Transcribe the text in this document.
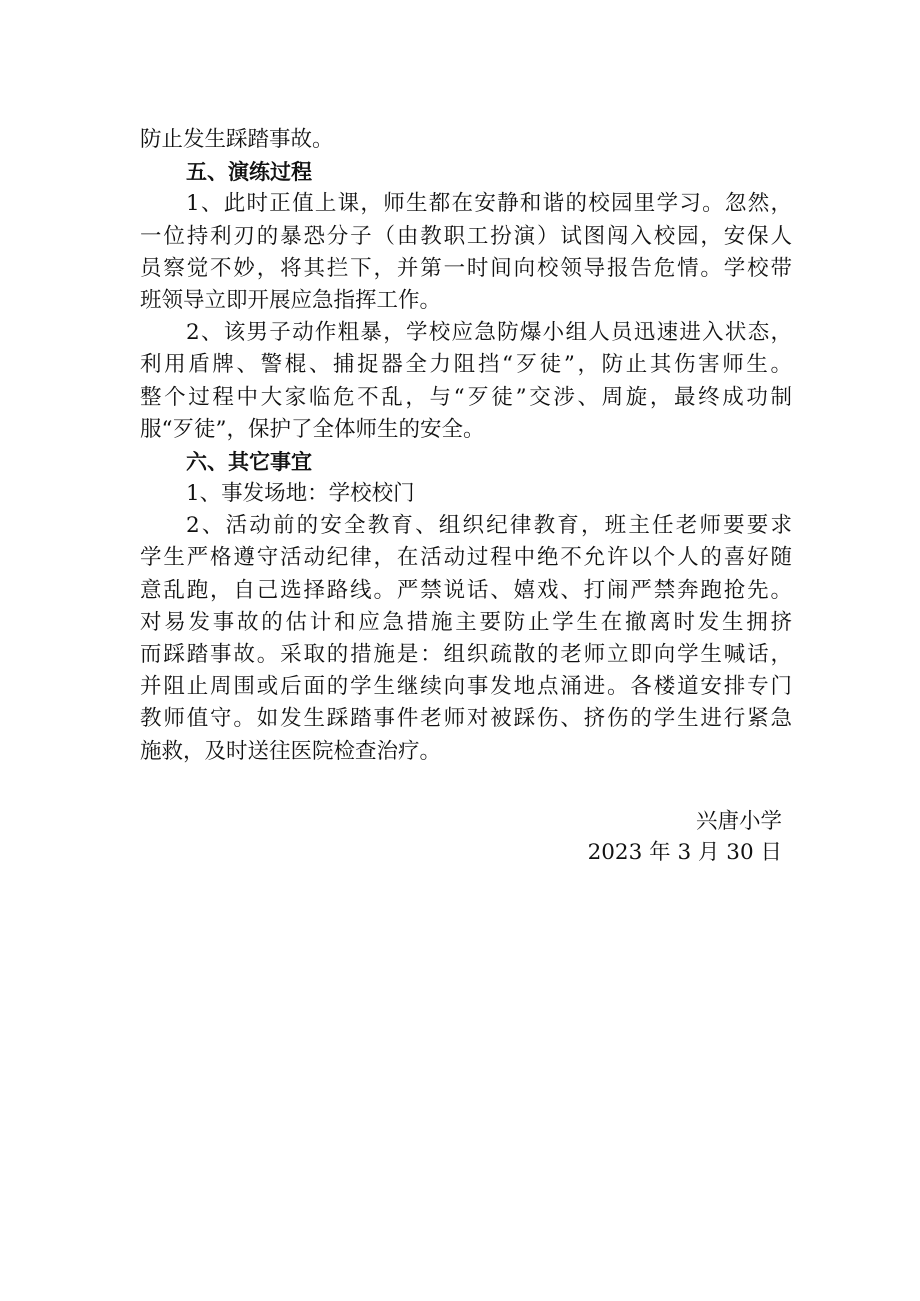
防止发生踩踏事故。
五、演练过程
1、此时正值上课，师生都在安静和谐的校园里学习。忽然，
一位持利刃的暴恐分子（由教职工扮演）试图闯入校园，安保人
员察觉不妙，将其拦下，并第一时间向校领导报告危情。学校带
班领导立即开展应急指挥工作。
2、该男子动作粗暴，学校应急防爆小组人员迅速进入状态，
利用盾牌、警棍、捕捉器全力阻挡“歹徒”，防止其伤害师生。
整个过程中大家临危不乱，与“歹徒”交涉、周旋，最终成功制
服“歹徒”，保护了全体师生的安全。
六、其它事宜
1、事发场地：学校校门
2、活动前的安全教育、组织纪律教育，班主任老师要要求
学生严格遵守活动纪律，在活动过程中绝不允许以个人的喜好随
意乱跑，自己选择路线。严禁说话、嬉戏、打闹严禁奔跑抢先。
对易发事故的估计和应急措施主要防止学生在撤离时发生拥挤
而踩踏事故。采取的措施是：组织疏散的老师立即向学生喊话，
并阻止周围或后面的学生继续向事发地点涌进。各楼道安排专门
教师值守。如发生踩踏事件老师对被踩伤、挤伤的学生进行紧急
施救，及时送往医院检查治疗。
兴唐小学
2023 年 3 月 30 日
